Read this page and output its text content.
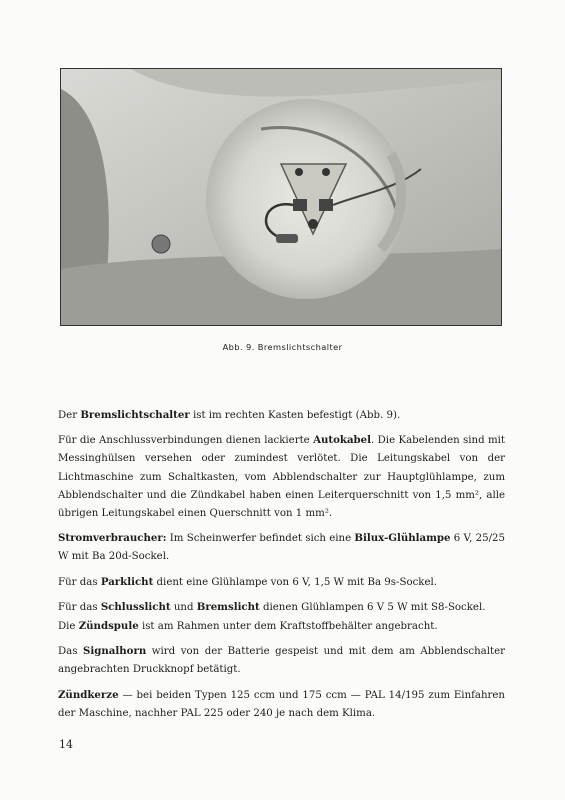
Abb. 9. Bremslichtschalter

Der Bremslichtschalter ist im rechten Kasten befestigt (Abb. 9).

Für die Anschlussverbindungen dienen lackierte Autokabel. Die Kabelenden sind mit Messinghülsen versehen oder zumindest verlötet. Die Leitungskabel von der Lichtmaschine zum Schaltkasten, vom Abblendschalter zur Hauptglühlampe, zum Abblendschalter und die Zündkabel haben einen Leiterquerschnitt von 1,5 mm², alle übrigen Leitungskabel einen Querschnitt von 1 mm².

Stromverbraucher: Im Scheinwerfer befindet sich eine Bilux-Glühlampe 6 V, 25/25 W mit Ba 20d-Sockel.

Für das Parklicht dient eine Glühlampe von 6 V, 1,5 W mit Ba 9s-Sockel.

Für das Schlusslicht und Bremslicht dienen Glühlampen 6 V 5 W mit S8-Sockel.

Die Zündspule ist am Rahmen unter dem Kraftstoffbehälter angebracht.

Das Signalhorn wird von der Batterie gespeist und mit dem am Abblendschalter angebrachten Druckknopf betätigt.

Zündkerze — bei beiden Typen 125 ccm und 175 ccm — PAL 14/195 zum Einfahren der Maschine, nachher PAL 225 oder 240 je nach dem Klima.

14
